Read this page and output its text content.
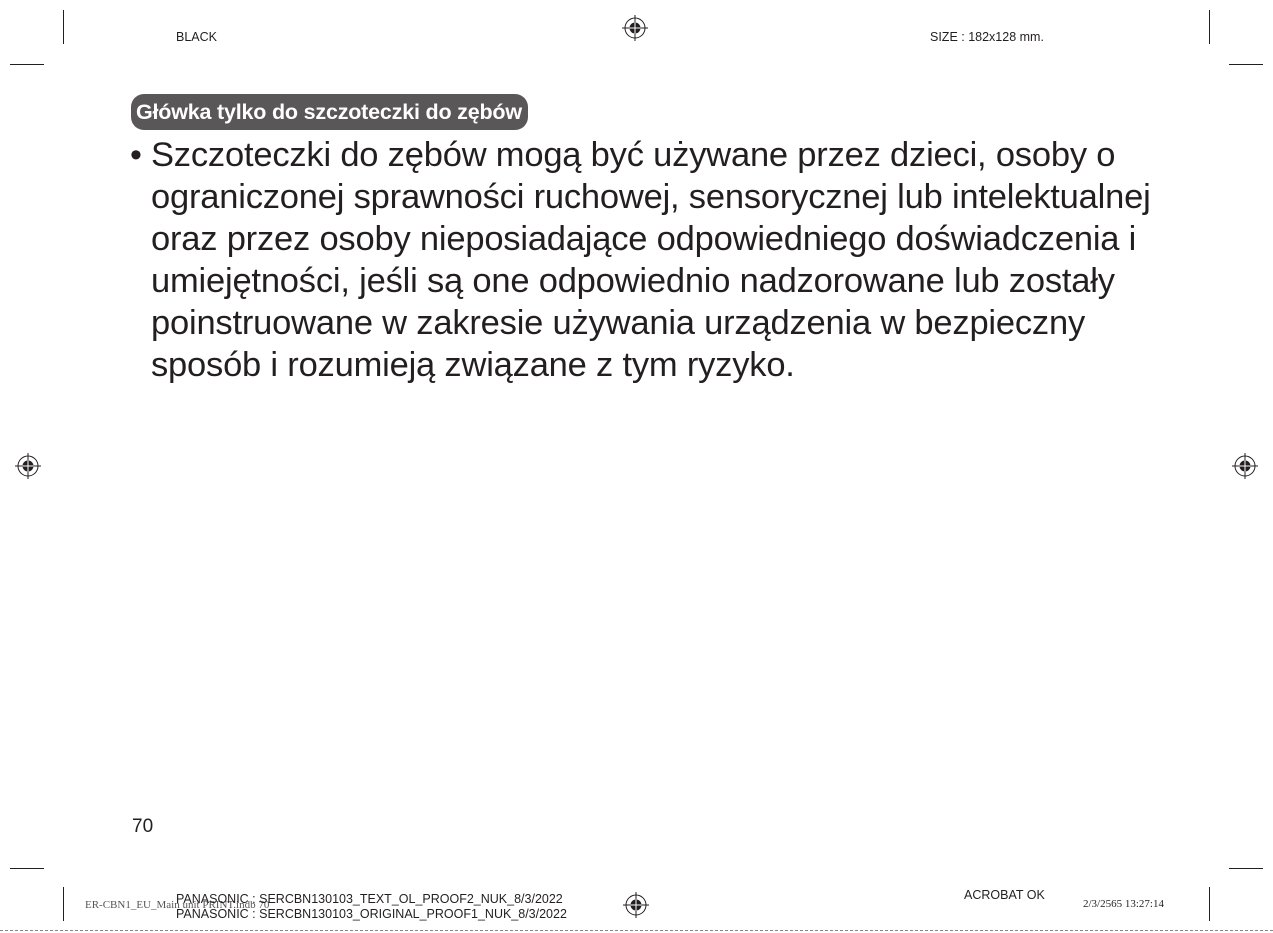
BLACK	SIZE : 182x128 mm.
Główka tylko do szczoteczki do zębów
• Szczoteczki do zębów mogą być używane przez dzieci, osoby o ograniczonej sprawności ruchowej, sensorycznej lub intelektualnej oraz przez osoby nieposiadające odpowiedniego doświadczenia i umiejętności, jeśli są one odpowiednio nadzorowane lub zostały poinstruowane w zakresie używania urządzenia w bezpieczny sposób i rozumieją związane z tym ryzyko.
70
ER-CBN1_EU_Main unit PRINT.indb 70
PANASONIC : SERCBN130103_TEXT_OL_PROOF2_NUK_8/3/2022
PANASONIC : SERCBN130103_ORIGINAL_PROOF1_NUK_8/3/2022
ACROBAT OK
2/3/2565 13:27:14
